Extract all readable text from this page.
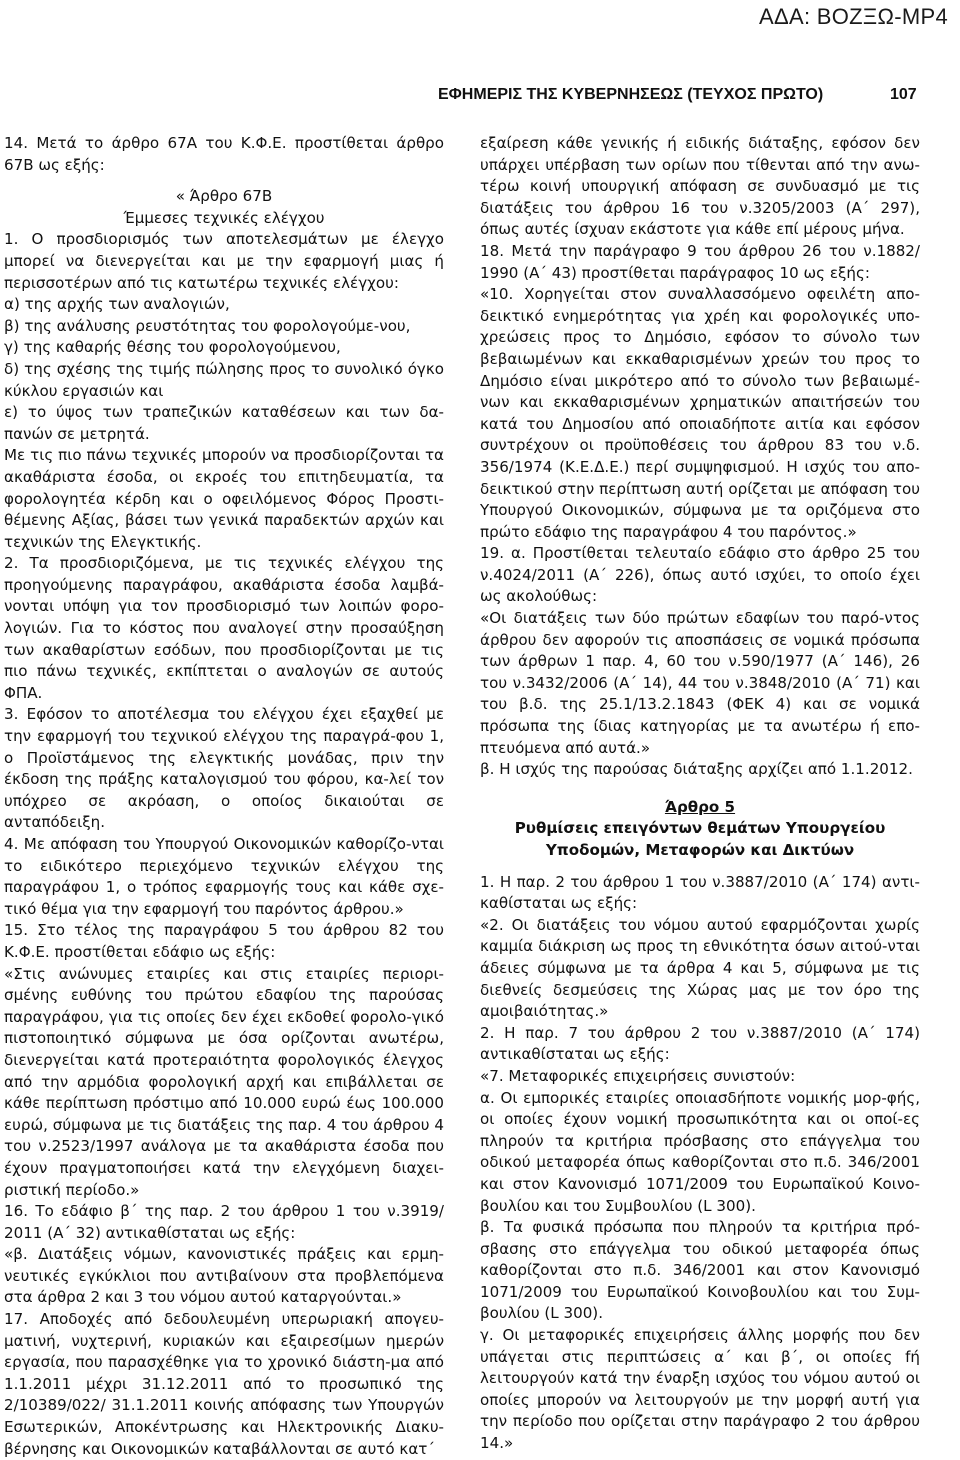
ΑΔΑ: ΒΟΖΞΩ-ΜΡ4
ΕΦΗΜΕΡΙΣ ΤΗΣ ΚΥΒΕΡΝΗΣΕΩΣ (ΤΕΥΧΟΣ ΠΡΩΤΟ)	107

14. Μετά το άρθρο 67Α του Κ.Φ.Ε. προστίθεται άρθρο 67Β ως εξής:

« Άρθρο 67Β

Έμμεσες τεχνικές ελέγχου

1. Ο προσδιορισμός των αποτελεσμάτων με έλεγχο μπορεί να διενεργείται και με την εφαρμογή μιας ή περισσοτέρων από τις κατωτέρω τεχνικές ελέγχου:

α) της αρχής των αναλογιών,

β) της ανάλυσης ρευστότητας του φορολογούμε-νου,

γ) της καθαρής θέσης του φορολογούμενου,

δ) της σχέσης της τιμής πώλησης προς το συνολικό όγκο κύκλου εργασιών και

ε) το ύψος των τραπεζικών καταθέσεων και των δα-πανών σε μετρητά.

Με τις πιο πάνω τεχνικές μπορούν να προσδιορίζονται τα ακαθάριστα έσοδα, οι εκροές του επιτηδευματία, τα φορολογητέα κέρδη και ο οφειλόμενος Φόρος Προστι-θέμενης Αξίας, βάσει των γενικά παραδεκτών αρχών και τεχνικών της Ελεγκτικής.

2. Τα προσδιοριζόμενα, με τις τεχνικές ελέγχου της προηγούμενης παραγράφου, ακαθάριστα έσοδα λαμβά-νονται υπόψη για τον προσδιορισμό των λοιπών φορο-λογιών. Για το κόστος που αναλογεί στην προσαύξηση των ακαθαρίστων εσόδων, που προσδιορίζονται με τις πιο πάνω τεχνικές, εκπίπτεται ο αναλογών σε αυτούς ΦΠΑ.

3. Εφόσον το αποτέλεσμα του ελέγχου έχει εξαχθεί με την εφαρμογή του τεχνικού ελέγχου της παραγρά-φου 1, ο Προϊστάμενος της ελεγκτικής μονάδας, πριν την έκδοση της πράξης καταλογισμού του φόρου, κα-λεί τον υπόχρεο σε ακρόαση, ο οποίος δικαιούται σε ανταπόδειξη.

4. Με απόφαση του Υπουργού Οικονομικών καθορίζο-νται το ειδικότερο περιεχόμενο τεχνικών ελέγχου της παραγράφου 1, ο τρόπος εφαρμογής τους και κάθε σχε-τικό θέμα για την εφαρμογή του παρόντος άρθρου.»

15. Στο τέλος της παραγράφου 5 του άρθρου 82 του Κ.Φ.Ε. προστίθεται εδάφιο ως εξής:

«Στις ανώνυμες εταιρίες και στις εταιρίες περιορι-σμένης ευθύνης του πρώτου εδαφίου της παρούσας παραγράφου, για τις οποίες δεν έχει εκδοθεί φορολο-γικό πιστοποιητικό σύμφωνα με όσα ορίζονται ανωτέρω, διενεργείται κατά προτεραιότητα φορολογικός έλεγχος από την αρμόδια φορολογική αρχή και επιβάλλεται σε κάθε περίπτωση πρόστιμο από 10.000 ευρώ έως 100.000 ευρώ, σύμφωνα με τις διατάξεις της παρ. 4 του άρθρου 4 του ν.2523/1997 ανάλογα με τα ακαθάριστα έσοδα που έχουν πραγματοποιήσει κατά την ελεγχόμενη διαχει-ριστική περίοδο.»

16. Το εδάφιο β΄ της παρ. 2 του άρθρου 1 του ν.3919/ 2011 (Α΄ 32) αντικαθίσταται ως εξής:

«β. Διατάξεις νόμων, κανονιστικές πράξεις και ερμη-νευτικές εγκύκλιοι που αντιβαίνουν στα προβλεπόμενα στα άρθρα 2 και 3 του νόμου αυτού καταργούνται.»

17. Αποδοχές από δεδουλευμένη υπερωριακή απογευ-ματινή, νυχτερινή, κυριακών και εξαιρεσίμων ημερών εργασία, που παρασχέθηκε για το χρονικό διάστη-μα από 1.1.2011 μέχρι 31.12.2011 από το προσωπικό της 2/10389/022/ 31.1.2011 κοινής απόφασης των Υπουργών Εσωτερικών, Αποκέντρωσης και Ηλεκτρονικής Διακυ-βέρνησης και Οικονομικών καταβάλλονται σε αυτό κατ΄

εξαίρεση κάθε γενικής ή ειδικής διάταξης, εφόσον δεν υπάρχει υπέρβαση των ορίων που τίθενται από την ανω-τέρω κοινή υπουργική απόφαση σε συνδυασμό με τις διατάξεις του άρθρου 16 του ν.3205/2003 (Α΄ 297), όπως αυτές ίσχυαν εκάστοτε για κάθε επί μέρους μήνα.

18. Μετά την παράγραφο 9 του άρθρου 26 του ν.1882/ 1990 (Α΄ 43) προστίθεται παράγραφος 10 ως εξής:

«10. Χορηγείται στον συναλλασσόμενο οφειλέτη απο-δεικτικό ενημερότητας για χρέη και φορολογικές υπο-χρεώσεις προς το Δημόσιο, εφόσον το σύνολο των βεβαιωμένων και εκκαθαρισμένων χρεών του προς το Δημόσιο είναι μικρότερο από το σύνολο των βεβαιωμέ-νων και εκκαθαρισμένων χρηματικών απαιτήσεών του κατά του Δημοσίου από οποιαδήποτε αιτία και εφόσον συντρέχουν οι προϋποθέσεις του άρθρου 83 του ν.δ. 356/1974 (Κ.Ε.Δ.Ε.) περί συμψηφισμού. Η ισχύς του απο-δεικτικού στην περίπτωση αυτή ορίζεται με απόφαση του Υπουργού Οικονομικών, σύμφωνα με τα οριζόμενα στο πρώτο εδάφιο της παραγράφου 4 του παρόντος.»

19. α. Προστίθεται τελευταίο εδάφιο στο άρθρο 25 του ν.4024/2011 (Α΄ 226), όπως αυτό ισχύει, το οποίο έχει ως ακολούθως:

«Οι διατάξεις των δύο πρώτων εδαφίων του παρό-ντος άρθρου δεν αφορούν τις αποσπάσεις σε νομικά πρόσωπα των άρθρων 1 παρ. 4, 60 του ν.590/1977 (Α΄ 146), 26 του ν.3432/2006 (Α΄ 14), 44 του ν.3848/2010 (Α΄ 71) και του β.δ. της 25.1/13.2.1843 (ΦΕΚ 4) και σε νομικά πρόσωπα της ίδιας κατηγορίας με τα ανωτέρω ή επο-πτευόμενα από αυτά.»

β. Η ισχύς της παρούσας διάταξης αρχίζει από 1.1.2012.

Άρθρο 5
Ρυθμίσεις επειγόντων θεμάτων Υπουργείου Υποδομών, Μεταφορών και Δικτύων

1. Η παρ. 2 του άρθρου 1 του ν.3887/2010 (Α΄ 174) αντι-καθίσταται ως εξής:

«2. Οι διατάξεις του νόμου αυτού εφαρμόζονται χωρίς καμμία διάκριση ως προς τη εθνικότητα όσων αιτού-νται άδειες σύμφωνα με τα άρθρα 4 και 5, σύμφωνα με τις διεθνείς δεσμεύσεις της Χώρας μας με τον όρο της αμοιβαιότητας.»

2. Η παρ. 7 του άρθρου 2 του ν.3887/2010 (Α΄ 174) αντικαθίσταται ως εξής:

«7. Μεταφορικές επιχειρήσεις συνιστούν:

α. Οι εμπορικές εταιρίες οποιασδήποτε νομικής μορ-φής, οι οποίες έχουν νομική προσωπικότητα και οι οποί-ες πληρούν τα κριτήρια πρόσβασης στο επάγγελμα του οδικού μεταφορέα όπως καθορίζονται στο π.δ. 346/2001 και στον Κανονισμό 1071/2009 του Ευρωπαϊκού Κοινο-βουλίου και του Συμβουλίου (L 300).

β. Τα φυσικά πρόσωπα που πληρούν τα κριτήρια πρό-σβασης στο επάγγελμα του οδικού μεταφορέα όπως καθορίζονται στο π.δ. 346/2001 και στον Κανονισμό 1071/2009 του Ευρωπαϊκού Κοινοβουλίου και του Συμ-βουλίου (L 300).

γ. Οι μεταφορικές επιχειρήσεις άλλης μορφής που δεν υπάγεται στις περιπτώσεις α΄ και β΄, οι οποίες fή λειτουργούν κατά την έναρξη ισχύος του νόμου αυτού οι οποίες μπορούν να λειτουργούν με την μορφή αυτή για την περίοδο που ορίζεται στην παράγραφο 2 του άρθρου 14.»
